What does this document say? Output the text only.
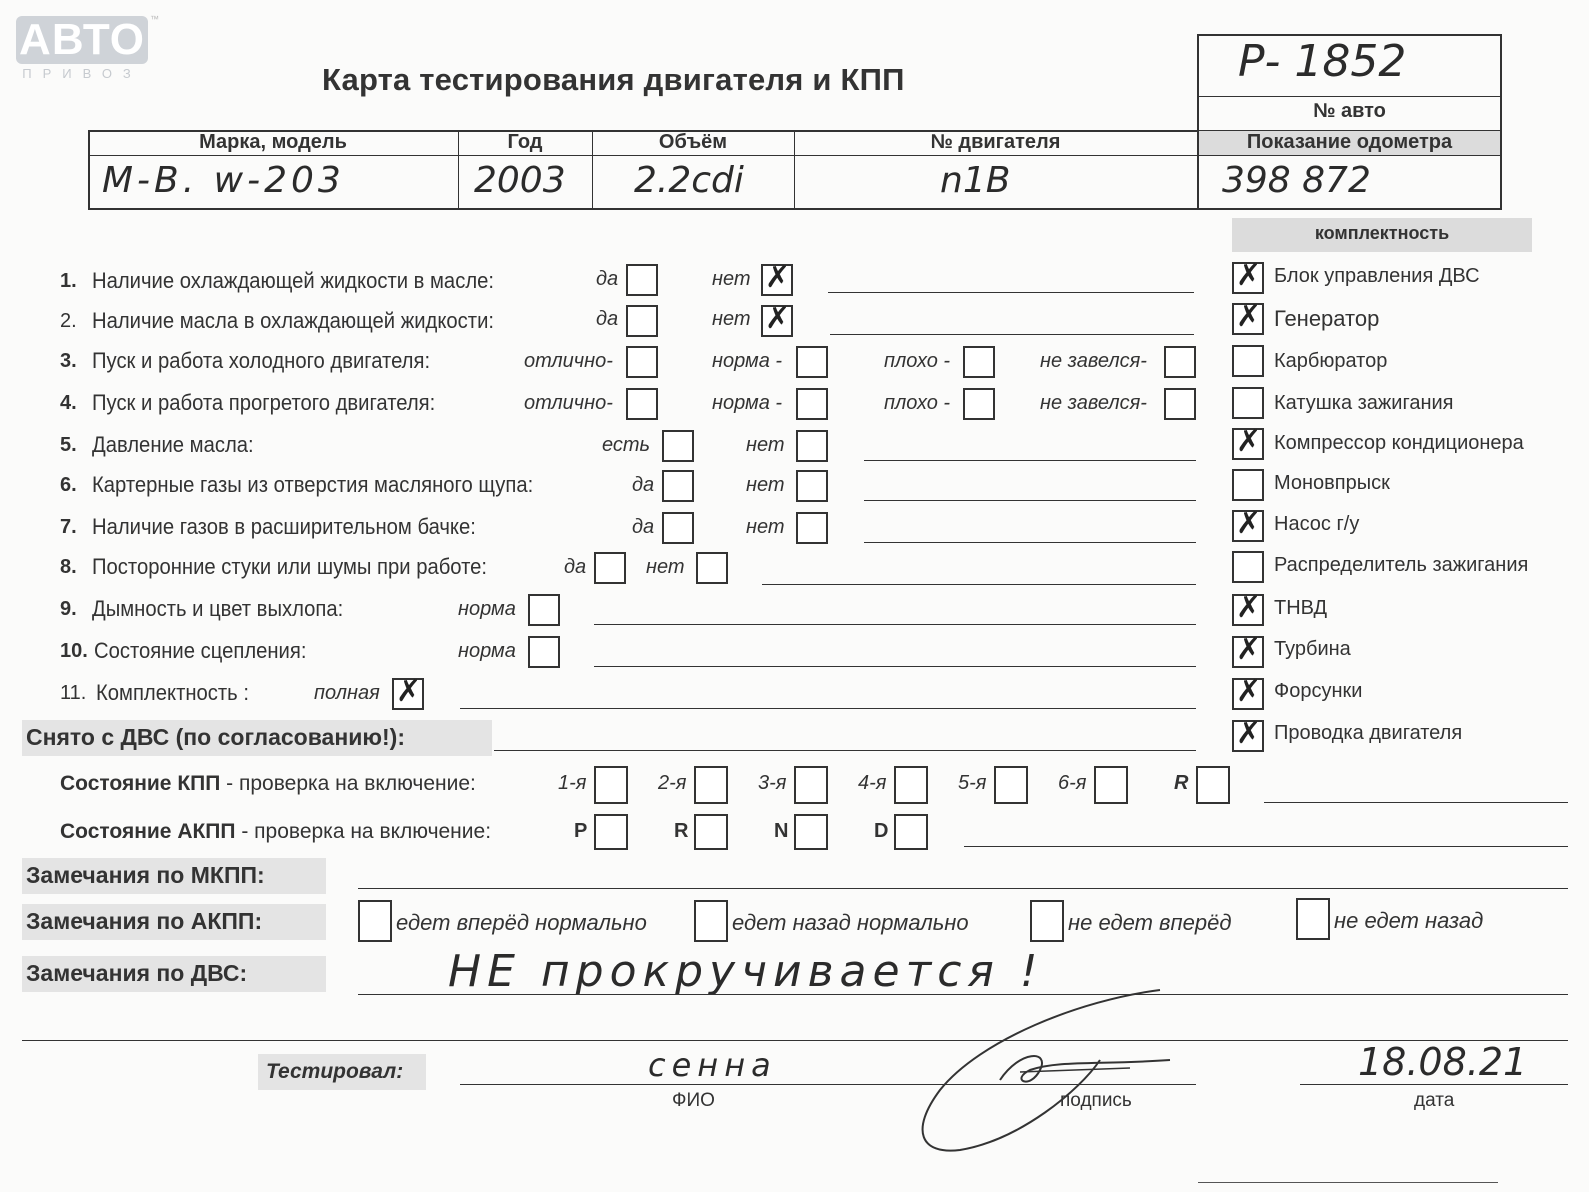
АВТО
ПРИВОЗ
™
Карта тестирования двигателя и КПП	Р- 1852
№ авто
Марка, модель	Год	Объём	№ двигателя	Показание одометра
M-B. w-203	2003 2.2cdi	n1B	398 872
комплектность
1. Наличие охлаждающей жидкости в масле:	да	нет ✗
2. Наличие масла в охлаждающей жидкости:	да	нет ✗
3. Пуск и работа холодного двигателя:	отлично-	норма -	плохо -	не завелся-
4. Пуск и работа прогретого двигателя:	отлично-	норма -	плохо -	не завелся-
5. Давление масла:	есть	нет
6. Картерные газы из отверстия масляного щупа:	да	нет
7. Наличие газов в расширительном бачке:	да	нет
8. Посторонние стуки или шумы при работе:	да	нет
9. Дымность и цвет выхлопа:	норма
10. Состояние сцепления:	норма
11. Комплектность :	полная ✗
Снято с ДВС (по согласованию!):
✗ Блок управления ДВС
✗ Генератор
Карбюратор
Катушка зажигания
✗ Компрессор кондиционера
Моновпрыск
✗ Насос г/у
Распределитель зажигания
✗ ТНВД
✗ Турбина
✗ Форсунки
✗ Проводка двигателя
Состояние КПП - проверка на включение:	1-я	2-я	3-я	4-я	5-я	6-я	R
Состояние АКПП - проверка на включение:	P	R	N	D
Замечания по МКПП:
Замечания по АКПП:	едет вперёд нормально	едет назад нормально	не едет вперёд	не едет назад
Замечания по ДВС:	НЕ прокручивается !
Тестировал:	сенна
ФИО	подпись
18.08.21
дата
